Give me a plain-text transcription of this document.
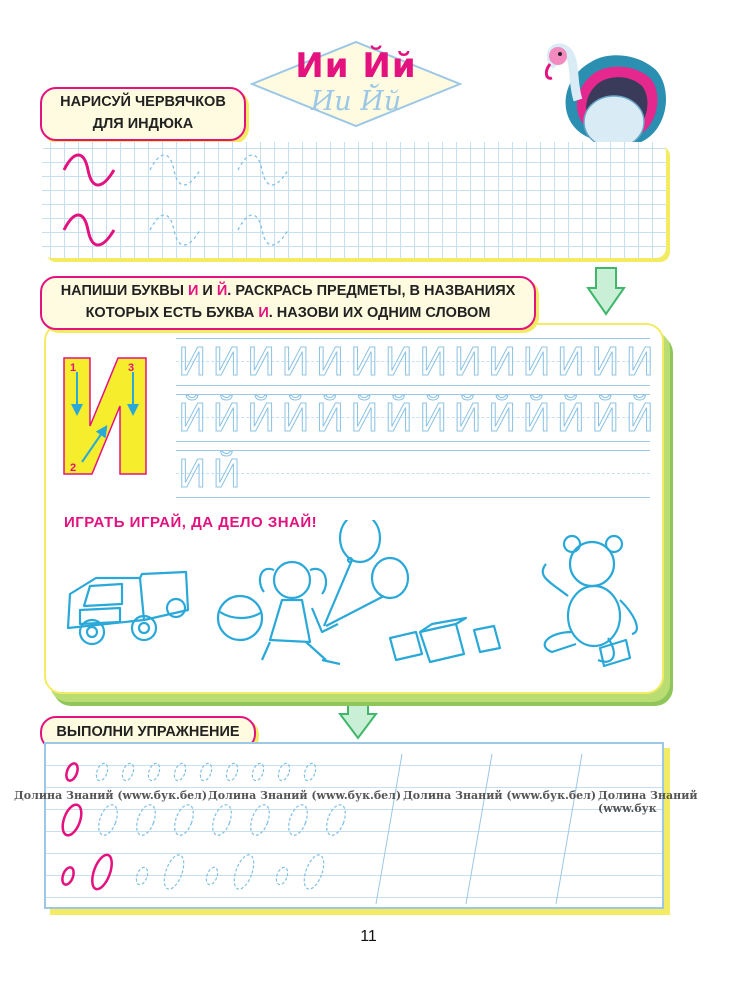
Ии Йй
Ии Йй
НАРИСУЙ ЧЕРВЯЧКОВ
ДЛЯ ИНДЮКА
НАПИШИ БУКВЫ И И Й. РАСКРАСЬ ПРЕДМЕТЫ, В НАЗВАНИЯХ
КОТОРЫХ ЕСТЬ БУКВА И. НАЗОВИ ИХ ОДНИМ СЛОВОМ
1	3
2
ИИИИИИИИИИИИИИ
ЙЙЙЙЙЙЙЙЙЙЙЙЙЙ
ИЙ
ИГРАТЬ ИГРАЙ, ДА ДЕЛО ЗНАЙ!
ВЫПОЛНИ УПРАЖНЕНИЕ
Долина Знаний (www.бук.бел) Долина Знаний (www.бук.бел) Долина Знаний (www.бук.бел) Долина Знаний (www.бук
11
